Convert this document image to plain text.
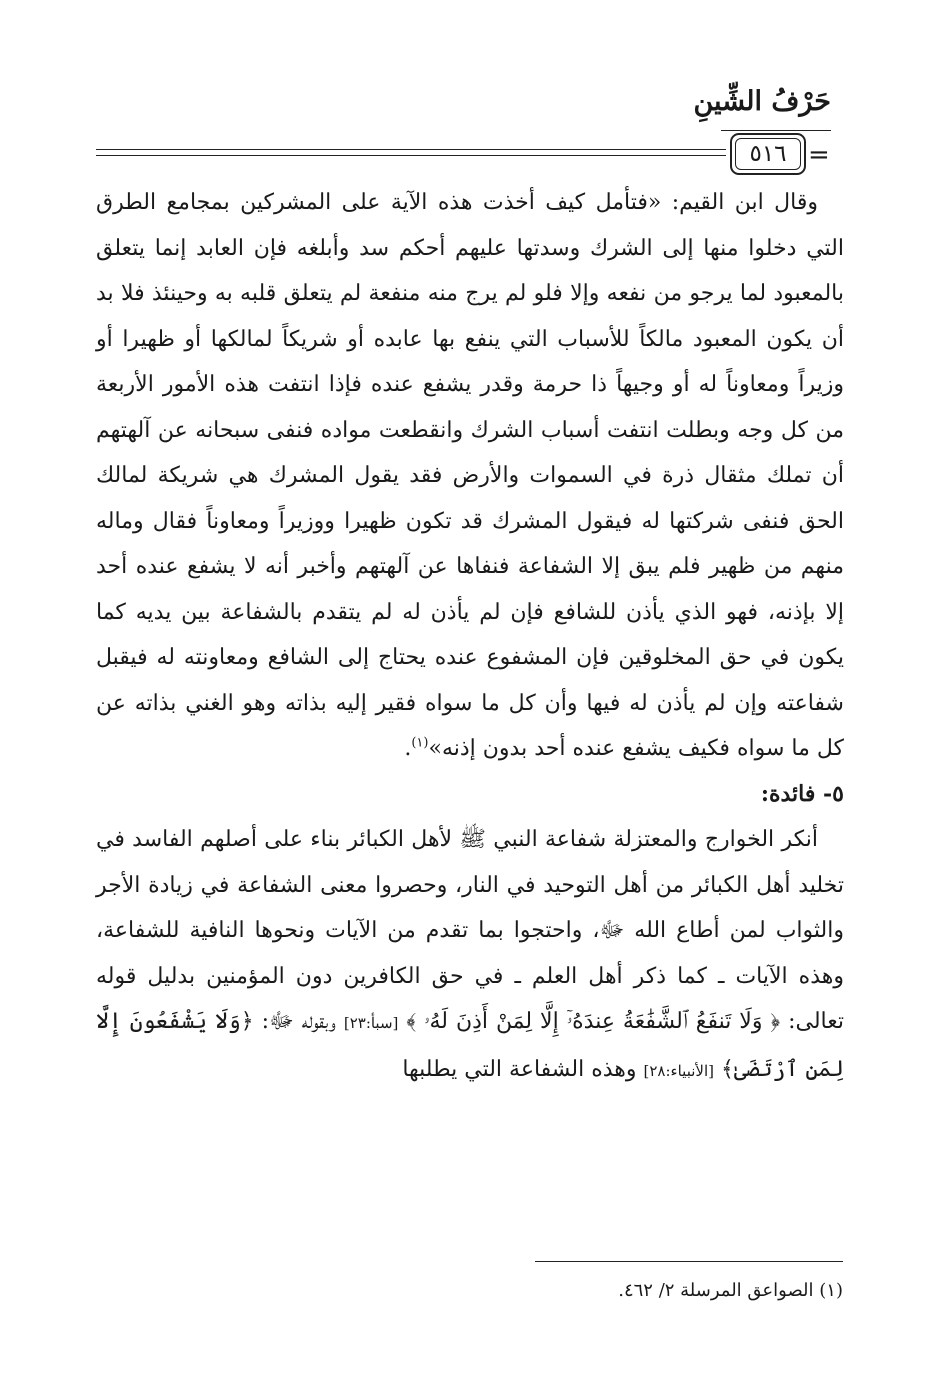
حَرْفُ الشِّينِ
٥١٦ =

وقال ابن القيم: «فتأمل كيف أخذت هذه الآية على المشركين بمجامع الطرق التي دخلوا منها إلى الشرك وسدتها عليهم أحكم سد وأبلغه فإن العابد إنما يتعلق بالمعبود لما يرجو من نفعه وإلا فلو لم يرج منه منفعة لم يتعلق قلبه به وحينئذ فلا بد أن يكون المعبود مالكاً للأسباب التي ينفع بها عابده أو شريكاً لمالكها أو ظهيرا أو وزيراً ومعاوناً له أو وجيهاً ذا حرمة وقدر يشفع عنده فإذا انتفت هذه الأمور الأربعة من كل وجه وبطلت انتفت أسباب الشرك وانقطعت مواده فنفى سبحانه عن آلهتهم أن تملك مثقال ذرة في السموات والأرض فقد يقول المشرك هي شريكة لمالك الحق فنفى شركتها له فيقول المشرك قد تكون ظهيرا ووزيراً ومعاوناً فقال وماله منهم من ظهير فلم يبق إلا الشفاعة فنفاها عن آلهتهم وأخبر أنه لا يشفع عنده أحد إلا بإذنه، فهو الذي يأذن للشافع فإن لم يأذن له لم يتقدم بالشفاعة بين يديه كما يكون في حق المخلوقين فإن المشفوع عنده يحتاج إلى الشافع ومعاونته له فيقبل شفاعته وإن لم يأذن له فيها وأن كل ما سواه فقير إليه بذاته وهو الغني بذاته عن كل ما سواه فكيف يشفع عنده أحد بدون إذنه»$^{(١)}$.

٥- فائدة:

أنكر الخوارج والمعتزلة شفاعة النبي ﷺ لأهل الكبائر بناء على أصلهم الفاسد في تخليد أهل الكبائر من أهل التوحيد في النار، وحصروا معنى الشفاعة في زيادة الأجر والثواب لمن أطاع الله ﷻ، واحتجوا بما تقدم من الآيات ونحوها النافية للشفاعة، وهذه الآيات ـ كما ذكر أهل العلم ـ في حق الكافرين دون المؤمنين بدليل قوله تعالى: ﴿ وَلَا تَنفَعُ ٱلشَّفَٰعَةُ عِندَهُۥٓ إِلَّا لِمَنْ أَذِنَ لَهُۥ ﴾ [سبأ:٢٣] وبقوله ﷻ: ﴿وَلَا يَشْفَعُونَ إِلَّا لِمَنِ ٱرْتَضَىٰ﴾ [الأنبياء:٢٨] وهذه الشفاعة التي يطلبها

(١) الصواعق المرسلة ٢/ ٤٦٢.
